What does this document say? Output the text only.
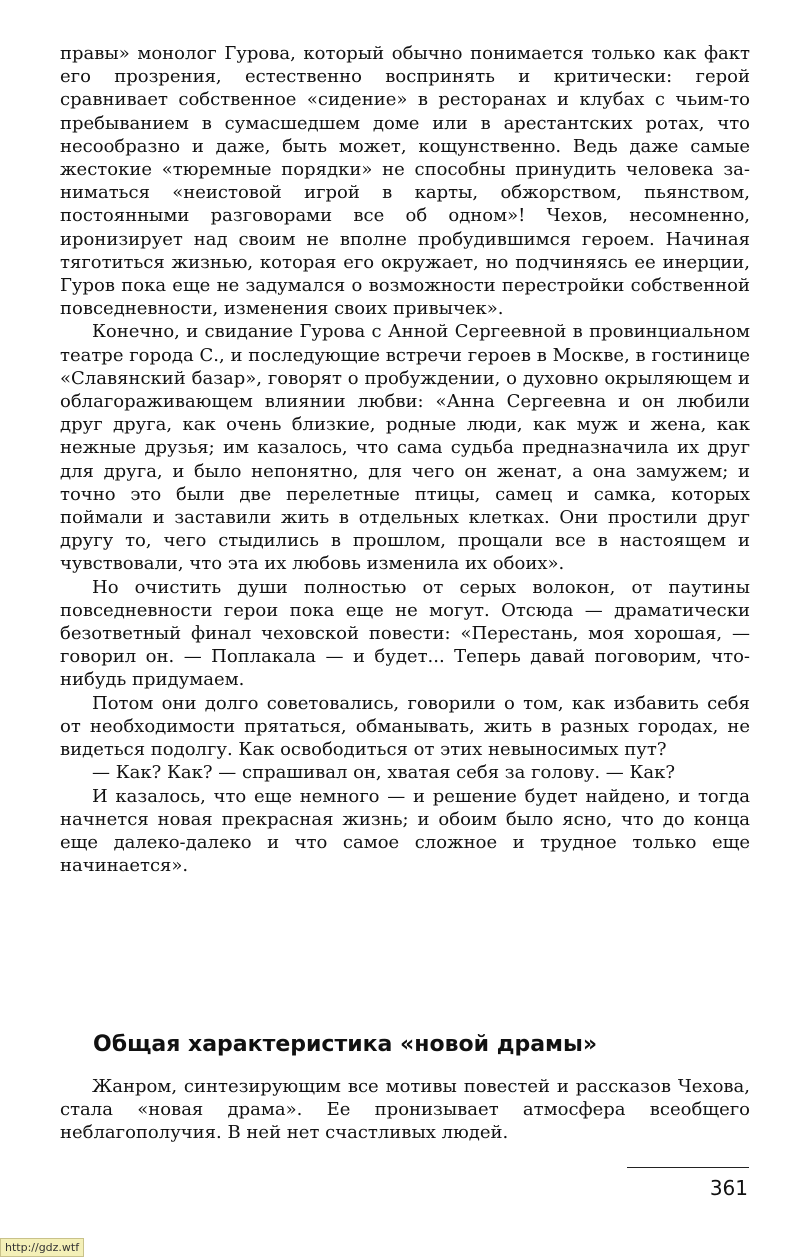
правы» монолог Гурова, который обычно понимается только как факт его прозрения, естественно воспринять и критически: герой сравнивает собственное «сидение» в ресторанах и клубах с чьим-то пребыванием в сумасшедшем доме или в арестантских ротах, что несообразно и даже, быть может, кощунственно. Ведь даже самые жестокие «тюремные порядки» не способны принудить человека заниматься «неистовой игрой в карты, обжорством, пьянством, постоянными разговорами все об одном»! Чехов, несомненно, иронизирует над своим не вполне пробудившимся героем. Начиная тяготиться жизнью, которая его окружает, но подчиняясь ее инерции, Гуров пока еще не задумался о возможности перестройки собственной повседневности, изменения своих привычек».

Конечно, и свидание Гурова с Анной Сергеевной в провинциальном театре города С., и последующие встречи героев в Москве, в гостинице «Славянский базар», говорят о пробуждении, о духовно окрыляющем и облагораживающем влиянии любви: «Анна Сергеевна и он любили друг друга, как очень близкие, родные люди, как муж и жена, как нежные друзья; им казалось, что сама судьба предназначила их друг для друга, и было непонятно, для чего он женат, а она замужем; и точно это были две перелетные птицы, самец и самка, которых поймали и заставили жить в отдельных клетках. Они простили друг другу то, чего стыдились в прошлом, прощали все в настоящем и чувствовали, что эта их любовь изменила их обоих».

Но очистить души полностью от серых волокон, от паутины повседневности герои пока еще не могут. Отсюда — драматически безответный финал чеховской повести: «Перестань, моя хорошая, — говорил он. — Поплакала — и будет... Теперь давай поговорим, что-нибудь придумаем.

Потом они долго советовались, говорили о том, как избавить себя от необходимости прятаться, обманывать, жить в разных городах, не видеться подолгу. Как освободиться от этих невыносимых пут?

— Как? Как? — спрашивал он, хватая себя за голову. — Как?

И казалось, что еще немного — и решение будет найдено, и тогда начнется новая прекрасная жизнь; и обоим было ясно, что до конца еще далеко-далеко и что самое сложное и трудное только еще начинается».

Общая характеристика «новой драмы»

Жанром, синтезирующим все мотивы повестей и рассказов Чехова, стала «новая драма». Ее пронизывает атмосфера всеобщего неблагополучия. В ней нет счастливых людей.

361
http://gdz.wtf
